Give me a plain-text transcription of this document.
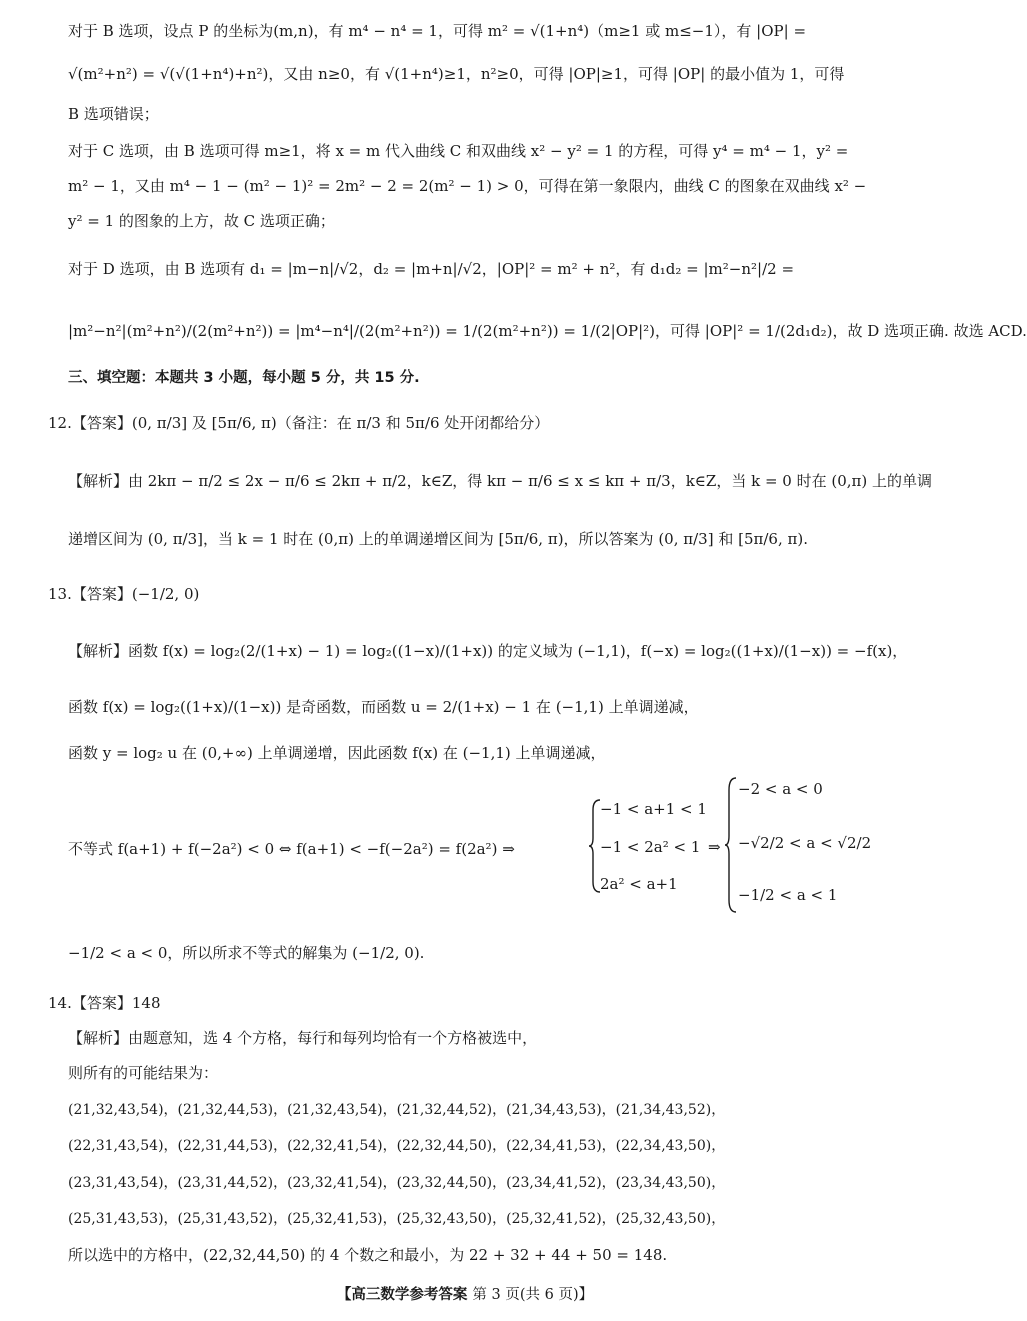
对于 B 选项，设点 P 的坐标为(m,n)，有 m⁴ − n⁴ = 1，可得 m² = √(1+n⁴)（m≥1 或 m≤−1），有 |OP| =
√(m²+n²) = √(√(1+n⁴)+n²)，又由 n≥0，有 √(1+n⁴)≥1，n²≥0，可得 |OP|≥1，可得 |OP| 的最小值为 1，可得
B 选项错误；
对于 C 选项，由 B 选项可得 m≥1，将 x = m 代入曲线 C 和双曲线 x² − y² = 1 的方程，可得 y⁴ = m⁴ − 1，y² =
m² − 1，又由 m⁴ − 1 − (m² − 1)² = 2m² − 2 = 2(m² − 1) > 0，可得在第一象限内，曲线 C 的图象在双曲线 x² −
y² = 1 的图象的上方，故 C 选项正确；
对于 D 选项，由 B 选项有 d₁ = |m−n|/√2，d₂ = |m+n|/√2，|OP|² = m² + n²，有 d₁d₂ = |m²−n²|/2 =
|m²−n²|(m²+n²)/(2(m²+n²)) = |m⁴−n⁴|/(2(m²+n²)) = 1/(2(m²+n²)) = 1/(2|OP|²)，可得 |OP|² = 1/(2d₁d₂)，故 D 选项正确. 故选 ACD.
三、填空题：本题共 3 小题，每小题 5 分，共 15 分.
12.【答案】(0, π/3] 及 [5π/6, π)（备注：在 π/3 和 5π/6 处开闭都给分）
【解析】由 2kπ − π/2 ≤ 2x − π/6 ≤ 2kπ + π/2，k∈Z，得 kπ − π/6 ≤ x ≤ kπ + π/3，k∈Z，当 k = 0 时在 (0,π) 上的单调
递增区间为 (0, π/3]，当 k = 1 时在 (0,π) 上的单调递增区间为 [5π/6, π)，所以答案为 (0, π/3] 和 [5π/6, π).
13.【答案】(−1/2, 0)
【解析】函数 f(x) = log₂(2/(1+x) − 1) = log₂((1−x)/(1+x)) 的定义域为 (−1,1)，f(−x) = log₂((1+x)/(1−x)) = −f(x)，
函数 f(x) = log₂((1+x)/(1−x)) 是奇函数，而函数 u = 2/(1+x) − 1 在 (−1,1) 上单调递减，
函数 y = log₂ u 在 (0,+∞) 上单调递增，因此函数 f(x) 在 (−1,1) 上单调递减，
不等式 f(a+1) + f(−2a²) < 0 ⇔ f(a+1) < −f(−2a²) = f(2a²) ⇒
−1 < a+1 < 1
−1 < 2a² < 1
2a² < a+1
⇒
−2 < a < 0
−√2/2 < a < √2/2
−1/2 < a < 1
−1/2 < a < 0，所以所求不等式的解集为 (−1/2, 0).
14.【答案】148
【解析】由题意知，选 4 个方格，每行和每列均恰有一个方格被选中，
则所有的可能结果为：
(21,32,43,54)，(21,32,44,53)，(21,32,43,54)，(21,32,44,52)，(21,34,43,53)，(21,34,43,52)，
(22,31,43,54)，(22,31,44,53)，(22,32,41,54)，(22,32,44,50)，(22,34,41,53)，(22,34,43,50)，
(23,31,43,54)，(23,31,44,52)，(23,32,41,54)，(23,32,44,50)，(23,34,41,52)，(23,34,43,50)，
(25,31,43,53)，(25,31,43,52)，(25,32,41,53)，(25,32,43,50)，(25,32,41,52)，(25,32,43,50)，
所以选中的方格中，(22,32,44,50) 的 4 个数之和最小，为 22 + 32 + 44 + 50 = 148.
【高三数学参考答案 第 3 页(共 6 页)】
